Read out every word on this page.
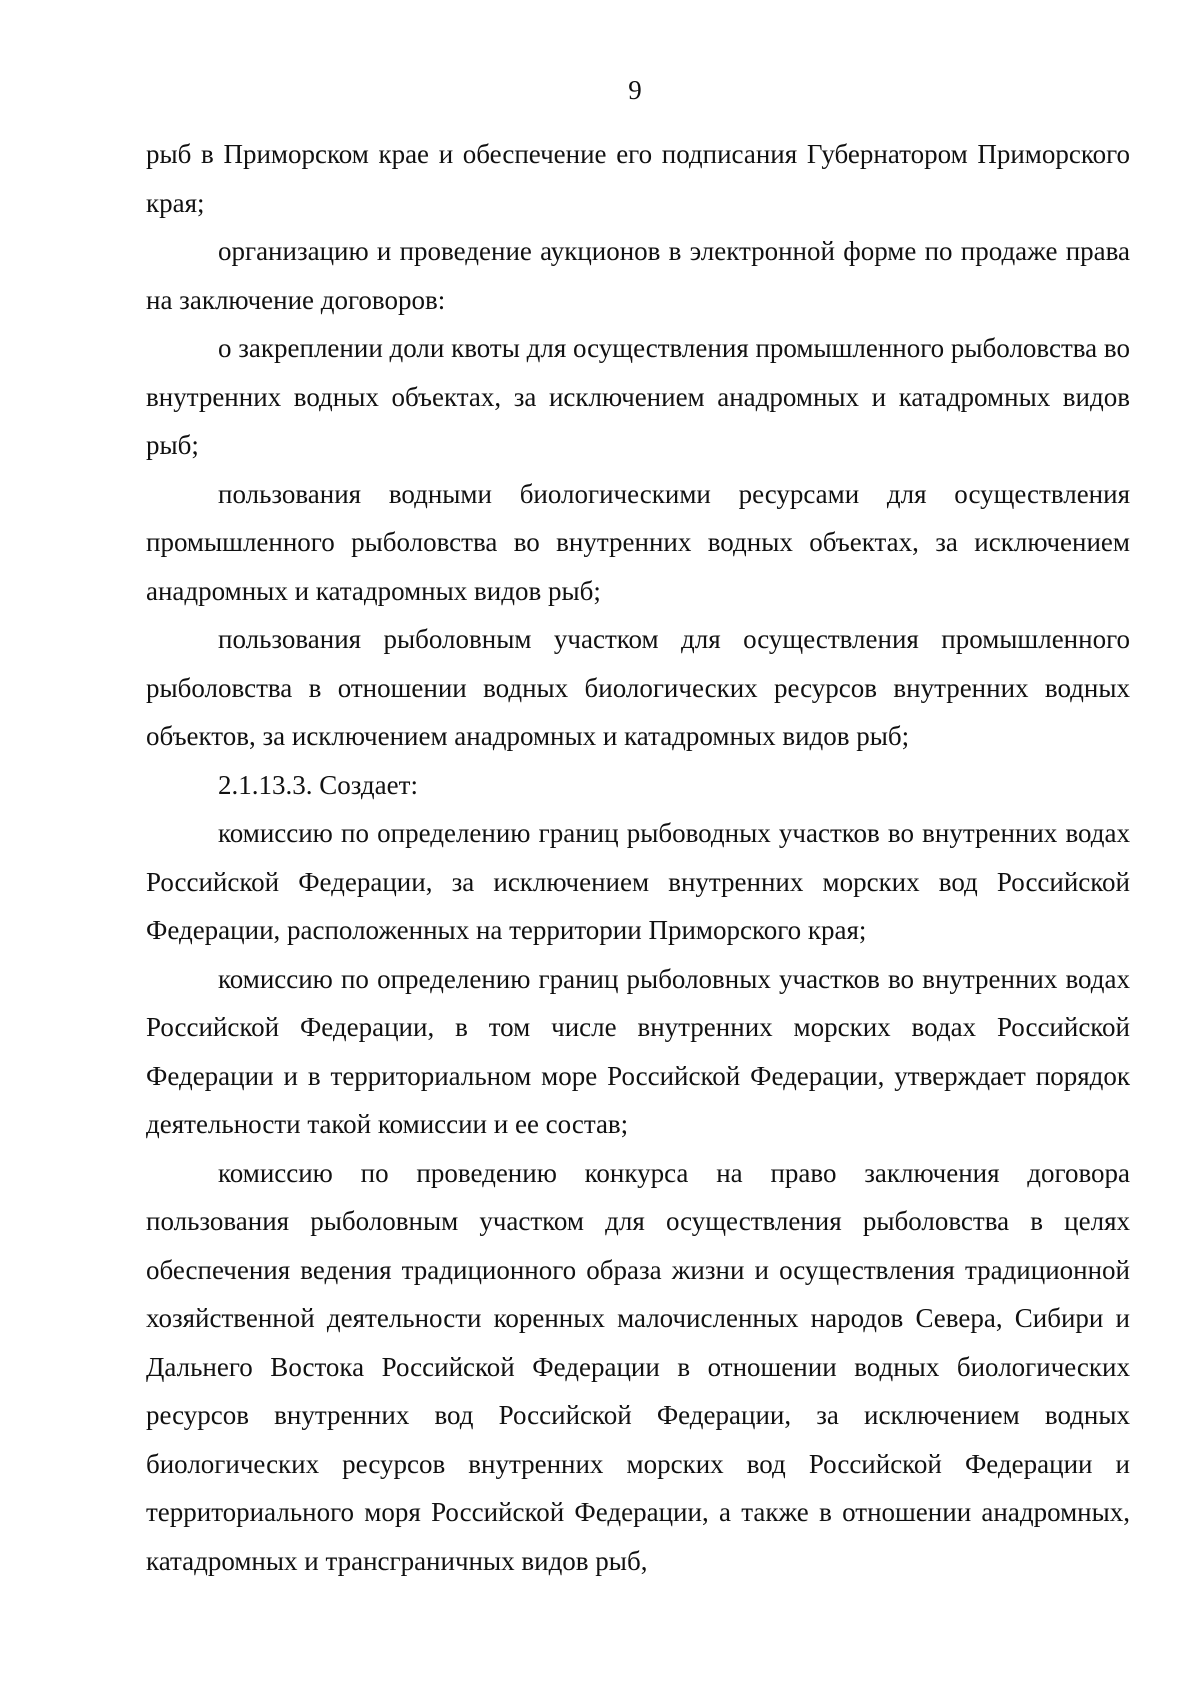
9

рыб в Приморском крае и обеспечение его подписания Губернатором Приморского края;

организацию и проведение аукционов в электронной форме по продаже права на заключение договоров:

о закреплении доли квоты для осуществления промышленного рыболовства во внутренних водных объектах, за исключением анадромных и катадромных видов рыб;

пользования водными биологическими ресурсами для осуществления промышленного рыболовства во внутренних водных объектах, за исключением анадромных и катадромных видов рыб;

пользования рыболовным участком для осуществления промышленного рыболовства в отношении водных биологических ресурсов внутренних водных объектов, за исключением анадромных и катадромных видов рыб;

2.1.13.3. Создает:

комиссию по определению границ рыбоводных участков во внутренних водах Российской Федерации, за исключением внутренних морских вод Российской Федерации, расположенных на территории Приморского края;

комиссию по определению границ рыболовных участков во внутренних водах Российской Федерации, в том числе внутренних морских водах Российской Федерации и в территориальном море Российской Федерации, утверждает порядок деятельности такой комиссии и ее состав;

комиссию по проведению конкурса на право заключения договора пользования рыболовным участком для осуществления рыболовства в целях обеспечения ведения традиционного образа жизни и осуществления традиционной хозяйственной деятельности коренных малочисленных народов Севера, Сибири и Дальнего Востока Российской Федерации в отношении водных биологических ресурсов внутренних вод Российской Федерации, за исключением водных биологических ресурсов внутренних морских вод Российской Федерации и территориального моря Российской Федерации, а также в отношении анадромных, катадромных и трансграничных видов рыб,
